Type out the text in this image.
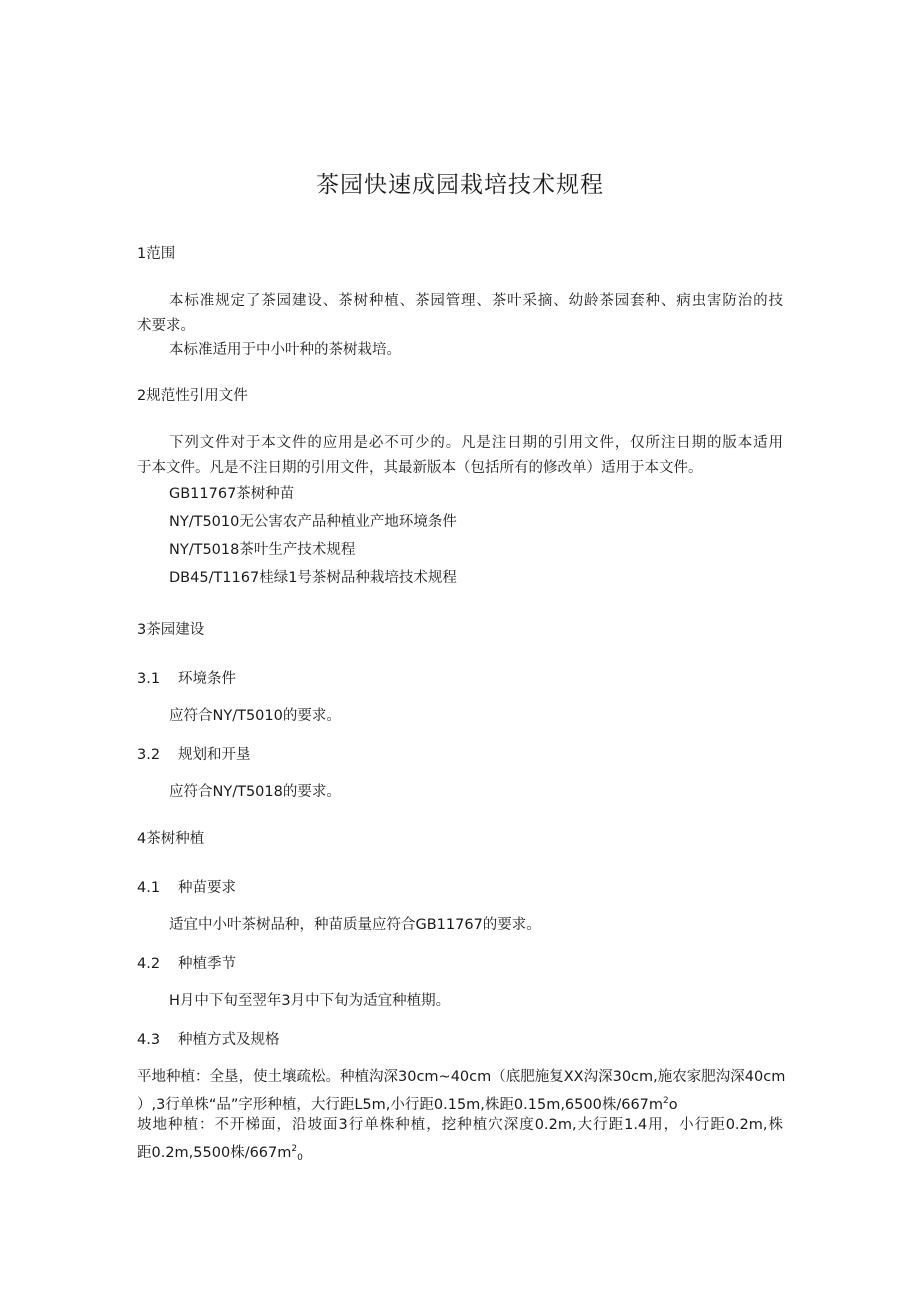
茶园快速成园栽培技术规程
1范围
本标准规定了茶园建设、茶树种植、茶园管理、茶叶采摘、幼龄茶园套种、病虫害防治的技
术要求。
本标准适用于中小叶种的茶树栽培。
2规范性引用文件
下列文件对于本文件的应用是必不可少的。凡是注日期的引用文件，仅所注日期的版本适用
于本文件。凡是不注日期的引用文件，其最新版本（包括所有的修改单）适用于本文件。
GB11767茶树种苗
NY/T5010无公害农产品种植业产地环境条件
NY/T5018茶叶生产技术规程
DB45/T1167桂绿1号茶树品种栽培技术规程
3茶园建设
3.1 环境条件
应符合NY/T5010的要求。
3.2 规划和开垦
应符合NY/T5018的要求。
4茶树种植
4.1 种苗要求
适宜中小叶茶树品种，种苗质量应符合GB11767的要求。
4.2 种植季节
H月中下旬至翌年3月中下旬为适宜种植期。
4.3 种植方式及规格
平地种植：全垦，使土壤疏松。种植沟深30cm~40cm（底肥施复XX沟深30cm,施农家肥沟深40cm
）,3行单株“品”字形种植，大行距L5m,小行距0.15m,株距0.15m,6500株$/667m^2o$
坡地种植：不开梯面，沿坡面3行单株种植，挖种植穴深度0.2m,大行距1.4用，小行距0.2m,株
距0.2m,5500株$/667m^2_0$
